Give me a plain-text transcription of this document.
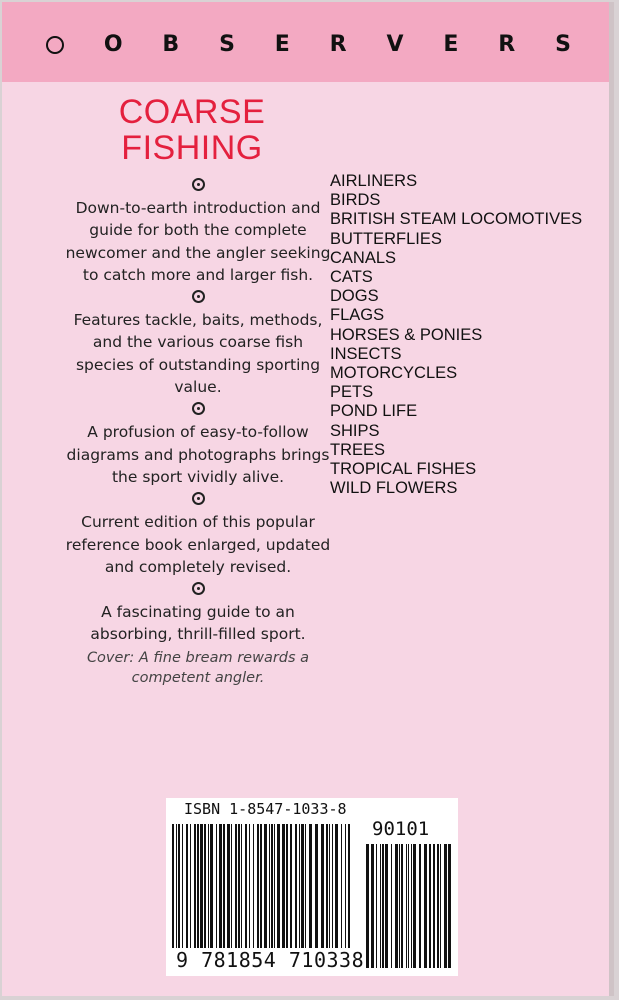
O B S E R V E R S
COARSE
FISHING
Down-to-earth introduction and guide for both the complete newcomer and the angler seeking to catch more and larger fish.
Features tackle, baits, methods, and the various coarse fish species of outstanding sporting value.
A profusion of easy-to-follow diagrams and photographs brings the sport vividly alive.
Current edition of this popular reference book enlarged, updated and completely revised.
A fascinating guide to an absorbing, thrill-filled sport.
Cover: A fine bream rewards a competent angler.
AIRLINERS
BIRDS
BRITISH STEAM LOCOMOTIVES
BUTTERFLIES
CANALS
CATS
DOGS
FLAGS
HORSES & PONIES
INSECTS
MOTORCYCLES
PETS
POND LIFE
SHIPS
TREES
TROPICAL FISHES
WILD FLOWERS
ISBN 1-8547-1033-8
90101
9 781854 710338
